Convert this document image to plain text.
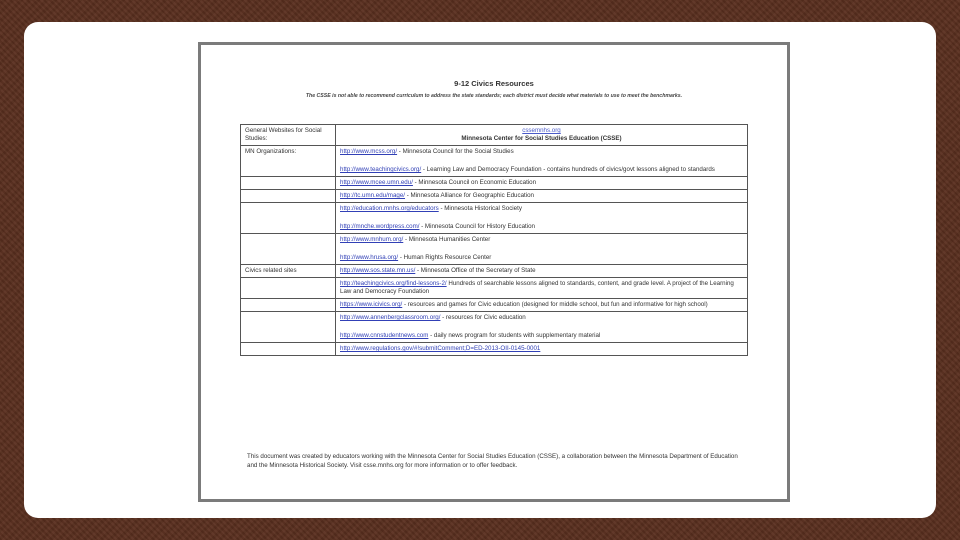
9-12 Civics Resources
The CSSE is not able to recommend curriculum to address the state standards; each district must decide what materials to use to meet the benchmarks.
General Websites for Social Studies:	cssemnhs.org
Minnesota Center for Social Studies Education (CSSE)

MN Organizations:	http://www.mcss.org/ - Minnesota Council for the Social Studies
http://www.teachingcivics.org/ - Learning Law and Democracy Foundation - contains hundreds of civics/govt lessons aligned to standards

	http://www.mcee.umn.edu/ - Minnesota Council on Economic Education

	http://tc.umn.edu/mage/ - Minnesota Alliance for Geographic Education

	http://education.mnhs.org/educators - Minnesota Historical Society
http://mnche.wordpress.com/ - Minnesota Council for History Education

	http://www.mnhum.org/ - Minnesota Humanities Center
http://www.hrusa.org/ - Human Rights Resource Center

Civics related sites	http://www.sos.state.mn.us/ - Minnesota Office of the Secretary of State

	http://teachingcivics.org/find-lessons-2/ Hundreds of searchable lessons aligned to standards, content, and grade level. A project of the Learning Law and Democracy Foundation

	https://www.icivics.org/ - resources and games for Civic education (designed for middle school, but fun and informative for high school)

	http://www.annenbergclassroom.org/ - resources for Civic education
http://www.cnnstudentnews.com - daily news program for students with supplementary material

	http://www.regulations.gov/#!submitComment;D=ED-2013-OII-0145-0001
This document was created by educators working with the Minnesota Center for Social Studies Education (CSSE), a collaboration between the Minnesota Department of Education and the Minnesota Historical Society. Visit csse.mnhs.org for more information or to offer feedback.
